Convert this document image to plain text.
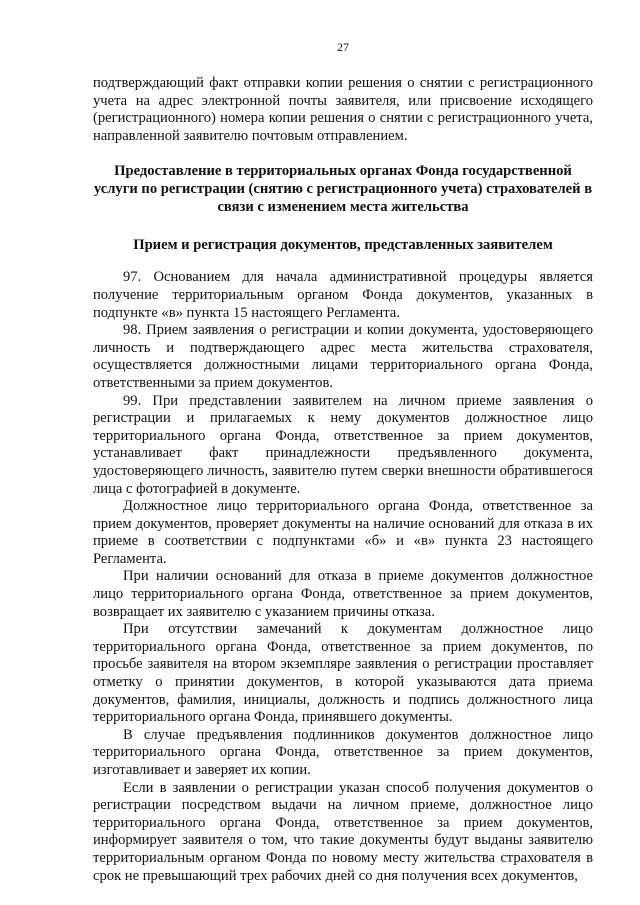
27

подтверждающий факт отправки копии решения о снятии с регистрационного учета на адрес электронной почты заявителя, или присвоение исходящего (регистрационного) номера копии решения о снятии с регистрационного учета, направленной заявителю почтовым отправлением.

Предоставление в территориальных органах Фонда государственной услуги по регистрации (снятию с регистрационного учета) страхователей в связи с изменением места жительства

Прием и регистрация документов, представленных заявителем

97. Основанием для начала административной процедуры является получение территориальным органом Фонда документов, указанных в подпункте «в» пункта 15 настоящего Регламента.

98. Прием заявления о регистрации и копии документа, удостоверяющего личность и подтверждающего адрес места жительства страхователя, осуществляется должностными лицами территориального органа Фонда, ответственными за прием документов.

99. При представлении заявителем на личном приеме заявления о регистрации и прилагаемых к нему документов должностное лицо территориального органа Фонда, ответственное за прием документов, устанавливает факт принадлежности предъявленного документа, удостоверяющего личность, заявителю путем сверки внешности обратившегося лица с фотографией в документе.

Должностное лицо территориального органа Фонда, ответственное за прием документов, проверяет документы на наличие оснований для отказа в их приеме в соответствии с подпунктами «б» и «в» пункта 23 настоящего Регламента.

При наличии оснований для отказа в приеме документов должностное лицо территориального органа Фонда, ответственное за прием документов, возвращает их заявителю с указанием причины отказа.

При отсутствии замечаний к документам должностное лицо территориального органа Фонда, ответственное за прием документов, по просьбе заявителя на втором экземпляре заявления о регистрации проставляет отметку о принятии документов, в которой указываются дата приема документов, фамилия, инициалы, должность и подпись должностного лица территориального органа Фонда, принявшего документы.

В случае предъявления подлинников документов должностное лицо территориального органа Фонда, ответственное за прием документов, изготавливает и заверяет их копии.

Если в заявлении о регистрации указан способ получения документов о регистрации посредством выдачи на личном приеме, должностное лицо территориального органа Фонда, ответственное за прием документов, информирует заявителя о том, что такие документы будут выданы заявителю территориальным органом Фонда по новому месту жительства страхователя в срок не превышающий трех рабочих дней со дня получения всех документов,
